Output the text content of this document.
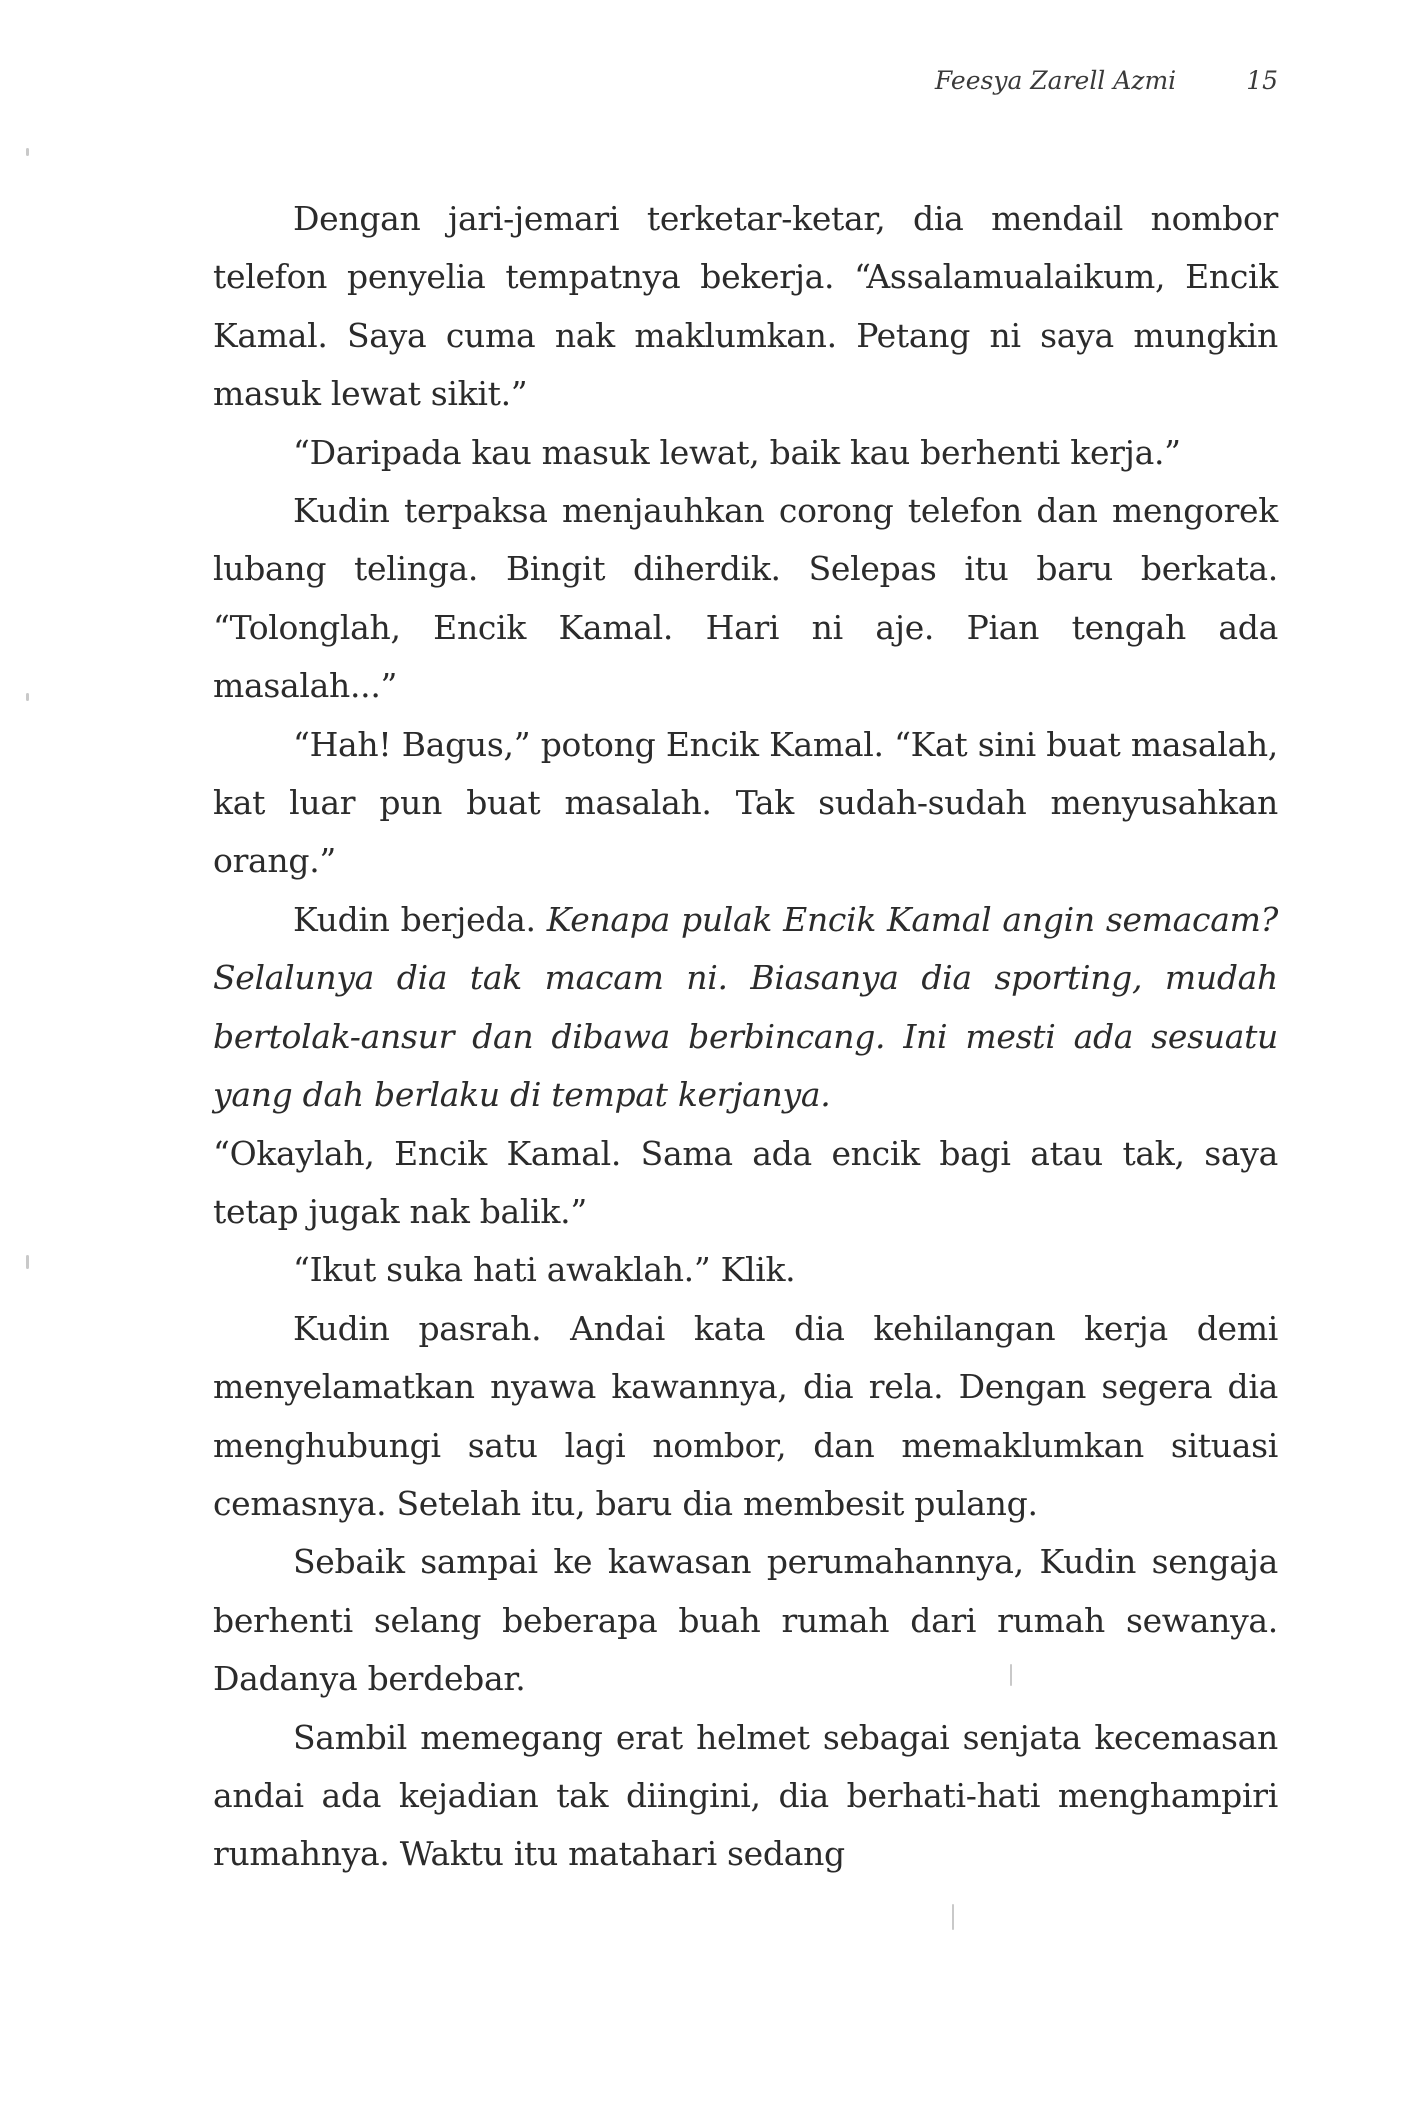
Feesya Zarell Azmi	15

Dengan jari-jemari terketar-ketar, dia mendail nombor telefon penyelia tempatnya bekerja. “Assalamualaikum, Encik Kamal. Saya cuma nak maklumkan. Petang ni saya mungkin masuk lewat sikit.”

“Daripada kau masuk lewat, baik kau berhenti kerja.”

Kudin terpaksa menjauhkan corong telefon dan mengorek lubang telinga. Bingit diherdik. Selepas itu baru berkata. “Tolonglah, Encik Kamal. Hari ni aje. Pian tengah ada masalah...”

“Hah! Bagus,” potong Encik Kamal. “Kat sini buat masalah, kat luar pun buat masalah. Tak sudah-sudah menyusahkan orang.”

Kudin berjeda. Kenapa pulak Encik Kamal angin semacam? Selalunya dia tak macam ni. Biasanya dia sporting, mudah bertolak-ansur dan dibawa berbincang. Ini mesti ada sesuatu yang dah berlaku di tempat kerjanya.
“Okaylah, Encik Kamal. Sama ada encik bagi atau tak, saya tetap jugak nak balik.”

“Ikut suka hati awaklah.” Klik.

Kudin pasrah. Andai kata dia kehilangan kerja demi menyelamatkan nyawa kawannya, dia rela. Dengan segera dia menghubungi satu lagi nombor, dan memaklumkan situasi cemasnya. Setelah itu, baru dia membesit pulang.

Sebaik sampai ke kawasan perumahannya, Kudin sengaja berhenti selang beberapa buah rumah dari rumah sewanya. Dadanya berdebar.

Sambil memegang erat helmet sebagai senjata kecemasan andai ada kejadian tak diingini, dia berhati-hati menghampiri rumahnya. Waktu itu matahari sedang
